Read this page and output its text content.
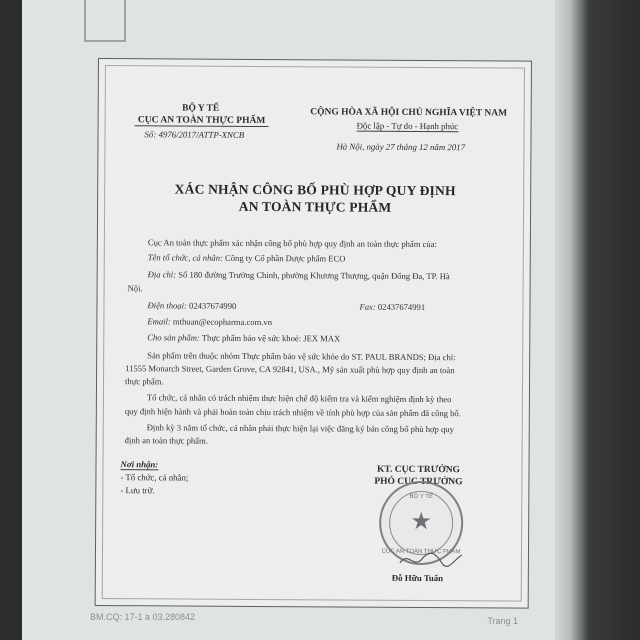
BM.CQ: 17-1 a 03.280842	Trang 1
BỘ Y TẾ
CỤC AN TOÀN THỰC PHẨM
Số: 4976/2017/ATTP-XNCB
CỘNG HÒA XÃ HỘI CHỦ NGHĨA VIỆT NAM
Độc lập - Tự do - Hạnh phúc
Hà Nội, ngày 27 tháng 12 năm 2017
XÁC NHẬN CÔNG BỐ PHÙ HỢP QUY ĐỊNH
AN TOÀN THỰC PHẨM
Cục An toàn thực phẩm xác nhận công bố phù hợp quy định an toàn thực phẩm của:
Tên tổ chức, cá nhân: Công ty Cổ phần Dược phẩm ECO
Địa chỉ: Số 180 đường Trường Chinh, phường Khương Thượng, quận Đống Đa, TP. Hà
Nội.
Điện thoại: 02437674990	Fax: 02437674991
Email: mthuan@ecopharma.com.vn
Cho sản phẩm: Thực phẩm bảo vệ sức khoẻ: JEX MAX
Sản phẩm trên thuộc nhóm Thực phẩm bảo vệ sức khỏe do ST. PAUL BRANDS; Địa chỉ:
11555 Monarch Street, Garden Grove, CA 92841, USA., Mỹ sản xuất phù hợp quy định an toàn
thực phẩm.
Tổ chức, cá nhân có trách nhiệm thực hiện chế độ kiểm tra và kiểm nghiệm định kỳ theo
quy định hiện hành và phải hoàn toàn chịu trách nhiệm về tính phù hợp của sản phẩm đã công bố.
Định kỳ 3 năm tổ chức, cá nhân phải thực hiện lại việc đăng ký bản công bố phù hợp quy
định an toàn thực phẩm.
Nơi nhận:
- Tổ chức, cá nhân;
- Lưu trữ.
KT. CỤC TRƯỞNG
PHÓ CỤC TRƯỞNG
BỘ Y TẾ
★
CỤC AN TOÀN THỰC PHẨM
Đỗ Hữu Tuấn
